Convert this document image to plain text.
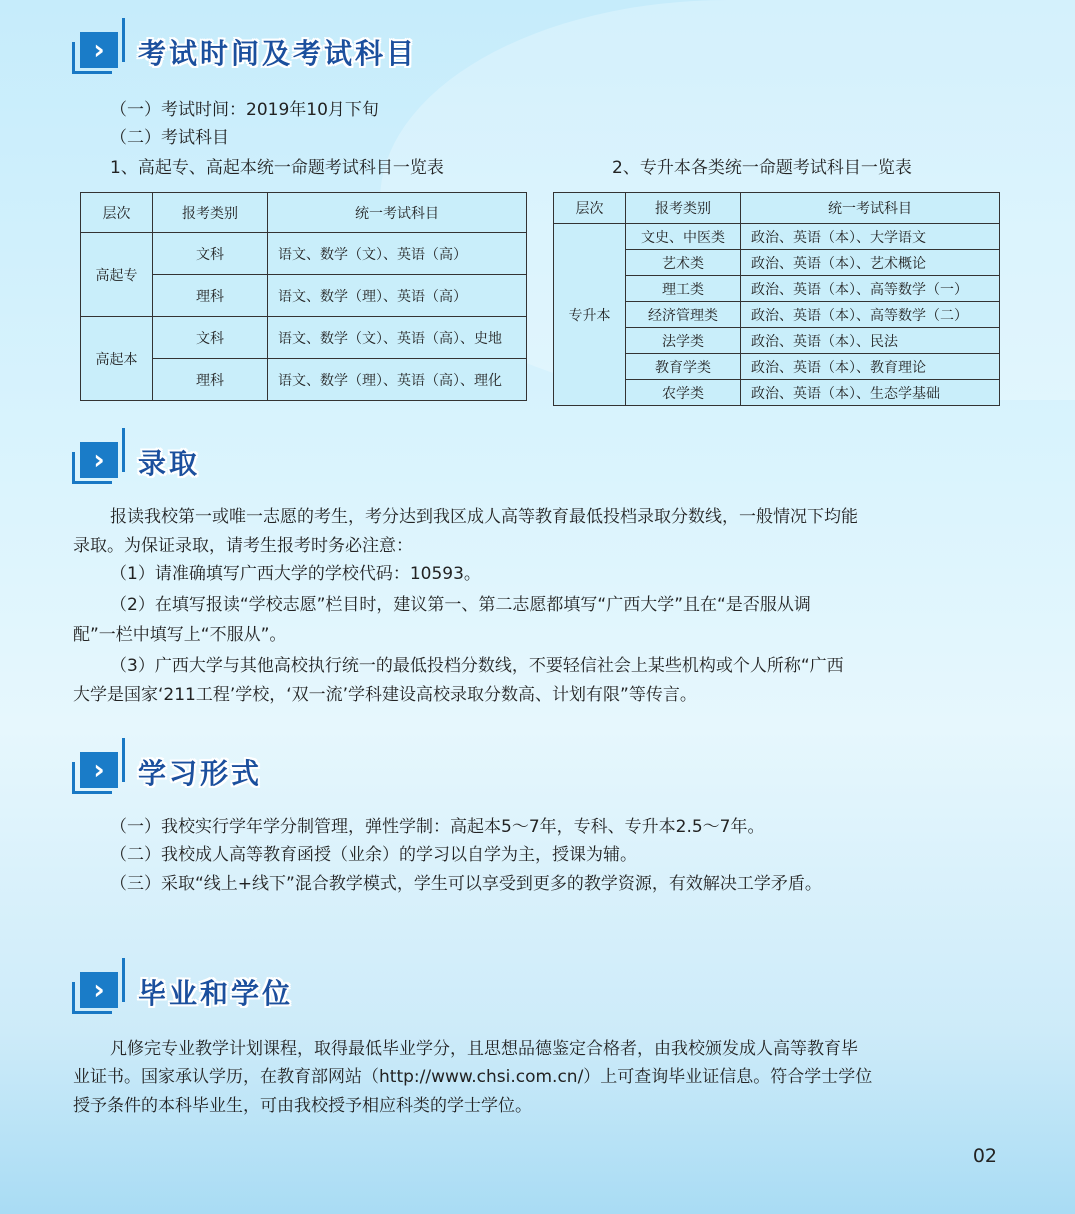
›	考试时间及考试科目
（一）考试时间：2019年10月下旬
（二）考试科目
1、高起专、高起本统一命题考试科目一览表	2、专升本各类统一命题考试科目一览表
层次	报考类别	统一考试科目
高起专	文科	语文、数学（文）、英语（高）
	理科	语文、数学（理）、英语（高）
高起本	文科	语文、数学（文）、英语（高）、史地
	理科	语文、数学（理）、英语（高）、理化
层次	报考类别	统一考试科目
专升本	文史、中医类	政治、英语（本）、大学语文
	艺术类	政治、英语（本）、艺术概论
	理工类	政治、英语（本）、高等数学（一）
	经济管理类	政治、英语（本）、高等数学（二）
	法学类	政治、英语（本）、民法
	教育学类	政治、英语（本）、教育理论
	农学类	政治、英语（本）、生态学基础
›	录取
报读我校第一或唯一志愿的考生，考分达到我区成人高等教育最低投档录取分数线，一般情况下均能
录取。为保证录取，请考生报考时务必注意：
（1）请准确填写广西大学的学校代码：10593。
（2）在填写报读“学校志愿”栏目时，建议第一、第二志愿都填写“广西大学”且在“是否服从调
配”一栏中填写上“不服从”。
（3）广西大学与其他高校执行统一的最低投档分数线，不要轻信社会上某些机构或个人所称“广西
大学是国家‘211工程’学校，‘双一流’学科建设高校录取分数高、计划有限”等传言。
›	学习形式
（一）我校实行学年学分制管理，弹性学制：高起本5～7年，专科、专升本2.5～7年。
（二）我校成人高等教育函授（业余）的学习以自学为主，授课为辅。
（三）采取“线上+线下”混合教学模式，学生可以享受到更多的教学资源，有效解决工学矛盾。
›	毕业和学位
凡修完专业教学计划课程，取得最低毕业学分，且思想品德鉴定合格者，由我校颁发成人高等教育毕
业证书。国家承认学历，在教育部网站（http://www.chsi.com.cn/）上可查询毕业证信息。符合学士学位
授予条件的本科毕业生，可由我校授予相应科类的学士学位。
02
